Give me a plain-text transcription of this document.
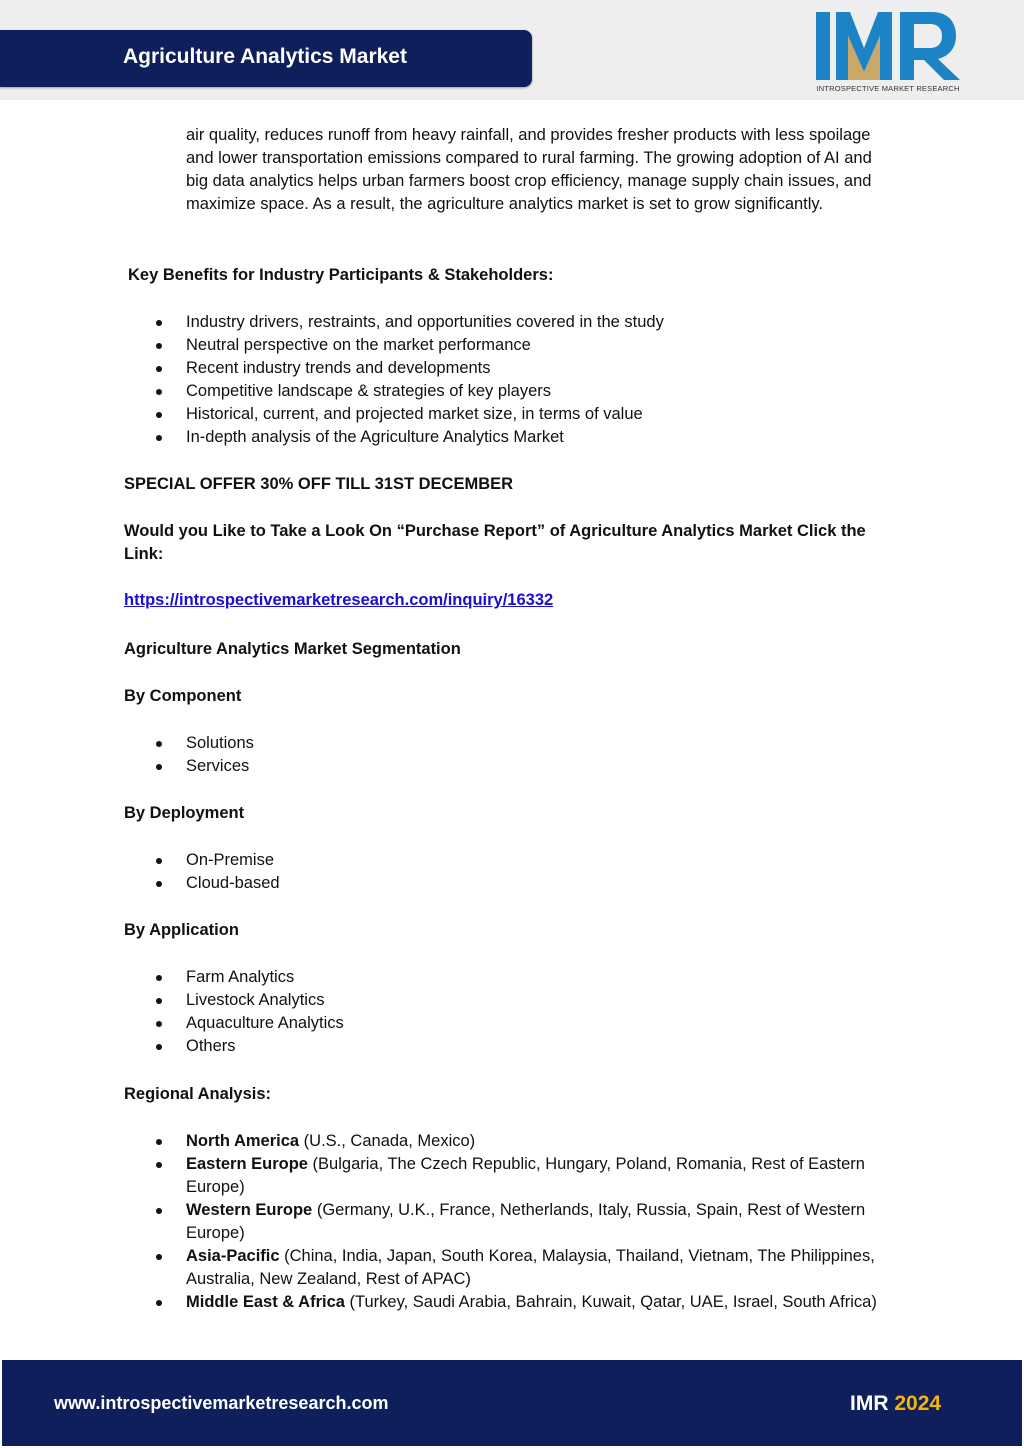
Agriculture Analytics Market
INTROSPECTIVE MARKET RESEARCH
air quality, reduces runoff from heavy rainfall, and provides fresher products with less spoilage and lower transportation emissions compared to rural farming. The growing adoption of AI and big data analytics helps urban farmers boost crop efficiency, manage supply chain issues, and maximize space. As a result, the agriculture analytics market is set to grow significantly.
Key Benefits for Industry Participants & Stakeholders:
Industry drivers, restraints, and opportunities covered in the study
Neutral perspective on the market performance
Recent industry trends and developments
Competitive landscape & strategies of key players
Historical, current, and projected market size, in terms of value
In-depth analysis of the Agriculture Analytics Market
SPECIAL OFFER 30% OFF TILL 31ST DECEMBER
Would you Like to Take a Look On “Purchase Report” of Agriculture Analytics Market Click the Link:
https://introspectivemarketresearch.com/inquiry/16332
Agriculture Analytics Market Segmentation
By Component
Solutions
Services
By Deployment
On-Premise
Cloud-based
By Application
Farm Analytics
Livestock Analytics
Aquaculture Analytics
Others
Regional Analysis:
North America (U.S., Canada, Mexico)
Eastern Europe (Bulgaria, The Czech Republic, Hungary, Poland, Romania, Rest of Eastern Europe)
Western Europe (Germany, U.K., France, Netherlands, Italy, Russia, Spain, Rest of Western Europe)
Asia-Pacific (China, India, Japan, South Korea, Malaysia, Thailand, Vietnam, The Philippines, Australia, New Zealand, Rest of APAC)
Middle East & Africa (Turkey, Saudi Arabia, Bahrain, Kuwait, Qatar, UAE, Israel, South Africa)
www.introspectivemarketresearch.com	IMR 2024
